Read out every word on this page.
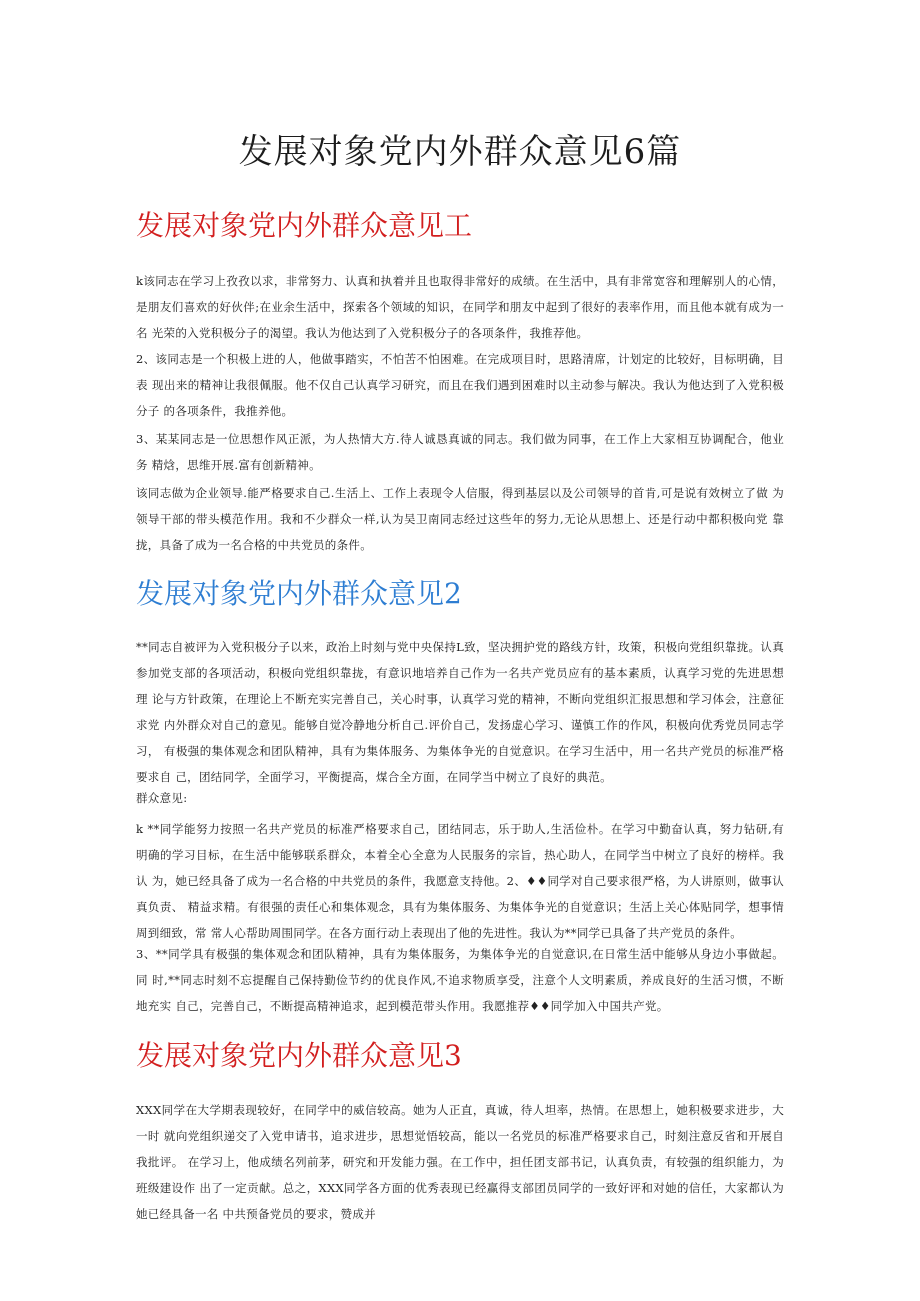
发展对象党内外群众意见6篇
发展对象党内外群众意见工

k该同志在学习上孜孜以求，非常努力、认真和执着并且也取得非常好的成绩。在生活中，具有非常宽容和理解别人的心情， 是朋友们喜欢的好伙伴;在业余生活中，探索各个领域的知识，在同学和朋友中起到了很好的表率作用，而且他本就有成为一名 光荣的入党积极分子的渴望。我认为他达到了入党积极分子的各项条件，我推荐他。

2、该同志是一个积极上进的人，他做事踏实，不怕苦不怕困难。在完成项目时，思路清席，计划定的比较好，目标明确，目表 现出来的精神让我很佩服。他不仅自己认真学习研究，而且在我们遇到困难时以主动参与解决。我认为他达到了入党积极分子 的各项条件，我推养他。

3、某某同志是一位思想作风正派，为人热情大方.待人诚恳真诚的同志。我们做为同事，在工作上大家相互协调配合，他业务 精焓，思维开展.富有创新精神。

该同志做为企业领导.能严格要求自己.生活上、工作上表现令人信服，得到基层以及公司领导的首肯,可是说有效树立了做 为领导干部的带头模范作用。我和不少群众一样,认为吴卫南同志经过这些年的努力,无论从思想上、还是行动中都积极向党 靠拢，具备了成为一名合格的中共党员的条件。

发展对象党内外群众意见2

**同志自被评为入党积极分子以来，政治上时刻与党中央保持L致，坚决拥护党的路线方针，玫策，积极向党组织靠拢。认真 参加党支部的各项活动，积极向党组织靠拢，有意识地培养自己作为一名共产党员应有的基本素质，认真学习党的先进思想理 论与方针政策，在理论上不断充实完善自己，关心时事，认真学习党的精神，不断向党组织汇报思想和学习体会，注意征求党 内外群众对自己的意见。能够自觉冷静地分析自己.评价自己，发扬虚心学习、谨慎工作的作风，积极向优秀党员同志学习， 有极强的集体观念和团队精神，具有为集体服务、为集体争光的自觉意识。在学习生活中，用一名共产党员的标准严格要求自 己，团结同学，全面学习，平衡提高，煤合全方面，在同学当中树立了良好的典范。

群众意见:

k **同学能努力按照一名共产党员的标准严格要求自己，团结同志，乐于助人,生活俭朴。在学习中勤奋认真，努力钻研,有 明确的学习目标，在生活中能够联系群众，本着全心全意为人民服务的宗旨，热心助人，在同学当中树立了良好的榜样。我认 为，她已经具备了成为一名合格的中共党员的条件，我愿意支持他。2、♦♦同学对自己要求很严格，为人讲原则，做事认真负责、 精益求精。有很强的责任心和集体观念，具有为集体服务、为集体争光的自觉意识；生活上关心体贴同学，想事情周到细致，常 常人心帮助周围同学。在各方面行动上表现出了他的先进性。我认为**同学已具备了共产党员的条件。

3、**同学具有极强的集体观念和团队精神，具有为集体服务，为集体争光的自觉意识,在日常生活中能够从身边小事做起。同 时,**同志时刻不忘提醒自己保持勤俭节约的优良作风,不追求物质享受，注意个人文明素质，养成良好的生活习惯，不断地充实 自己，完善自己，不断提高精神追求，起到模范带头作用。我愿推荐♦♦同学加入中国共产党。

发展对象党内外群众意见3

XXX同学在大学期表现较好，在同学中的威信较高。她为人正直，真诚，待人坦率，热情。在思想上，她积极要求进步，大一时 就向党组织递交了入党申请书，追求进步，思想觉悟较高，能以一名党员的标准严格要求自己，时刻注意反省和开展自我批评。 在学习上，他成绩名列前茅，研究和开发能力强。在工作中，担任团支部书记，认真负责，有较强的组织能力，为班级建设作 出了一定贡献。总之，XXX同学各方面的优秀表现已经赢得支部团员同学的一致好评和对她的信任，大家都认为她已经具备一名 中共预备党员的要求，赞成并
